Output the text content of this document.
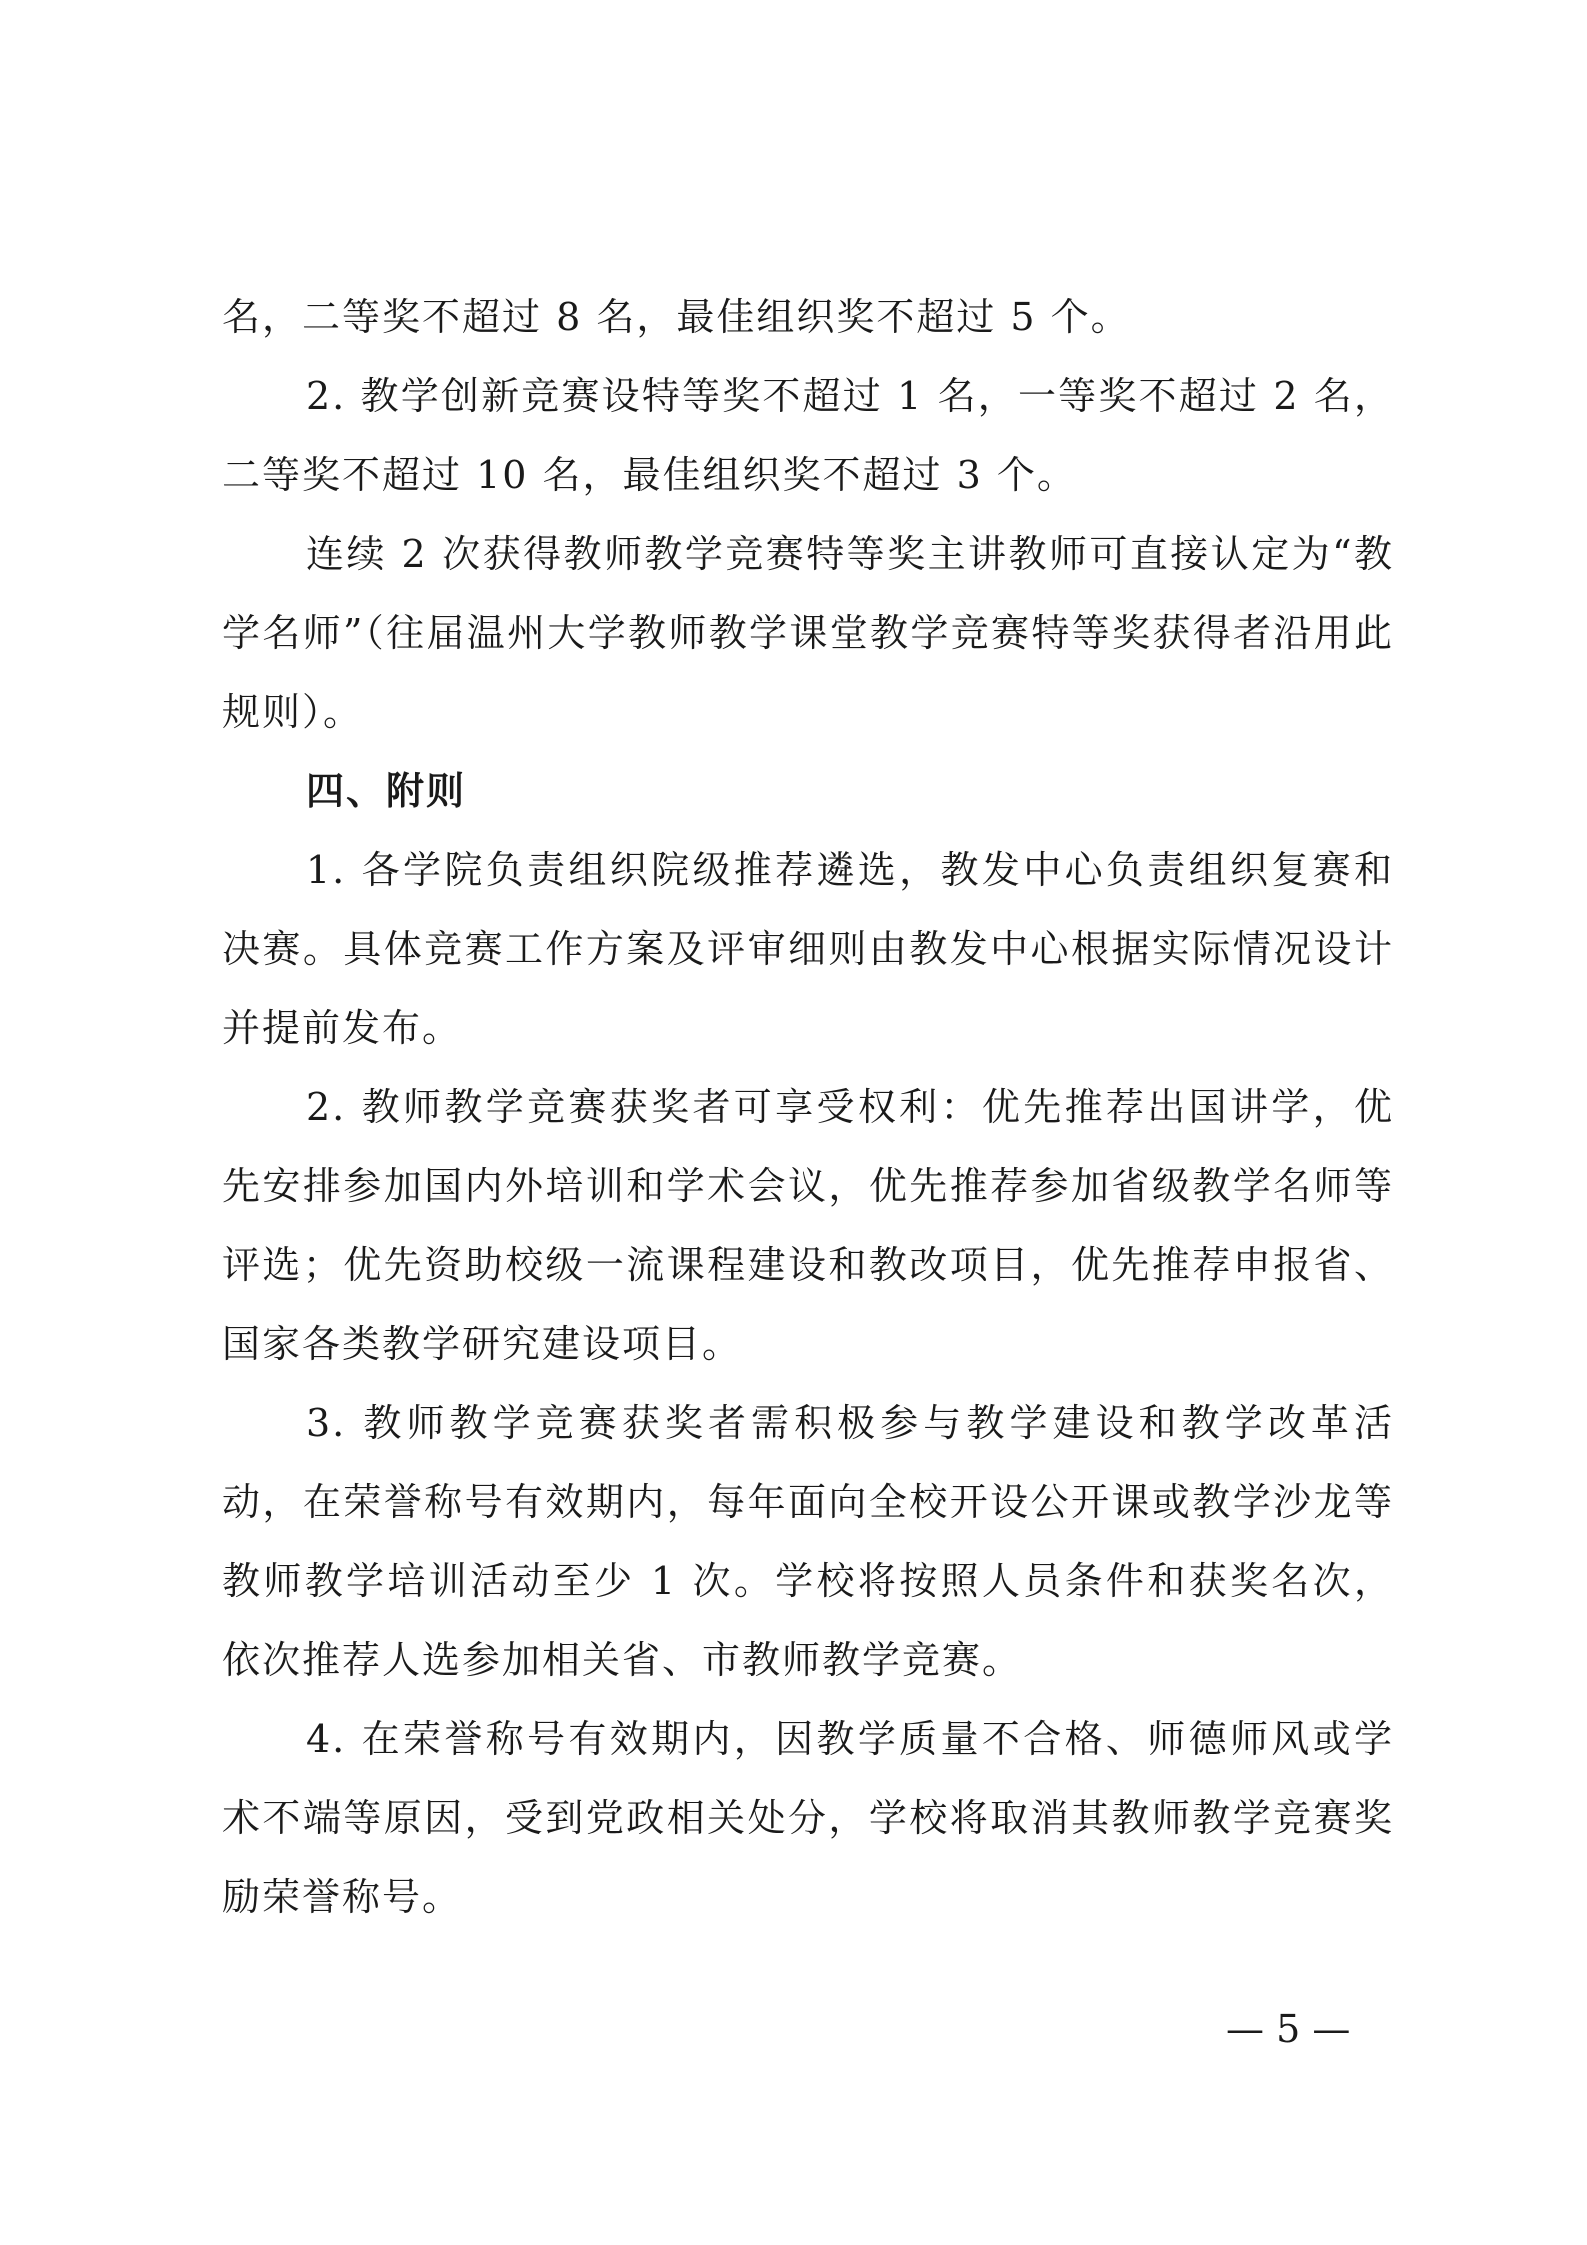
名，二等奖不超过 8 名，最佳组织奖不超过 5 个。

2. 教学创新竞赛设特等奖不超过 1 名，一等奖不超过 2 名，二等奖不超过 10 名，最佳组织奖不超过 3 个。

连续 2 次获得教师教学竞赛特等奖主讲教师可直接认定为“教学名师”（往届温州大学教师教学课堂教学竞赛特等奖获得者沿用此规则）。

四、附则

1. 各学院负责组织院级推荐遴选，教发中心负责组织复赛和决赛。具体竞赛工作方案及评审细则由教发中心根据实际情况设计并提前发布。

2. 教师教学竞赛获奖者可享受权利：优先推荐出国讲学，优先安排参加国内外培训和学术会议，优先推荐参加省级教学名师等评选；优先资助校级一流课程建设和教改项目，优先推荐申报省、国家各类教学研究建设项目。

3. 教师教学竞赛获奖者需积极参与教学建设和教学改革活动，在荣誉称号有效期内，每年面向全校开设公开课或教学沙龙等教师教学培训活动至少 1 次。学校将按照人员条件和获奖名次，依次推荐人选参加相关省、市教师教学竞赛。

4. 在荣誉称号有效期内，因教学质量不合格、师德师风或学术不端等原因，受到党政相关处分，学校将取消其教师教学竞赛奖励荣誉称号。

— 5 —
